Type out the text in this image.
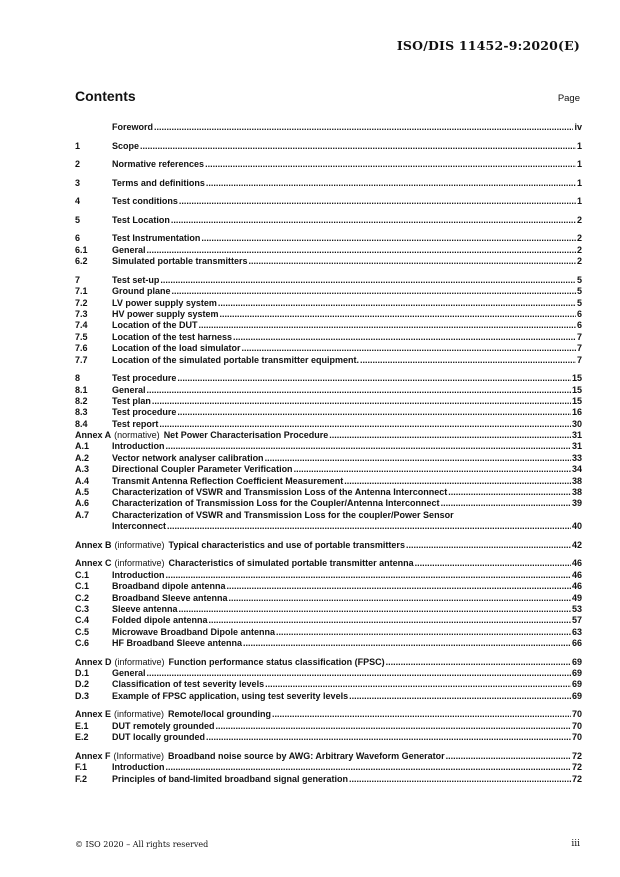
ISO/DIS 11452-9:2020(E)
Contents	Page
Foreword .....	iv
1	Scope .....	1
2	Normative references .....	1
3	Terms and definitions .....	1
4	Test conditions .....	1
5	Test Location .....	2
6	Test Instrumentation .....	2
6.1	General .....	2
6.2	Simulated portable transmitters .....	2
7	Test set-up .....	5
7.1	Ground plane .....	5
7.2	LV power supply system .....	5
7.3	HV power supply system .....	6
7.4	Location of the DUT .....	6
7.5	Location of the test harness .....	7
7.6	Location of the load simulator .....	7
7.7	Location of the simulated portable transmitter equipment. .....	7
8	Test procedure .....	15
8.1	General .....	15
8.2	Test plan .....	15
8.3	Test procedure .....	16
8.4	Test report .....	30
Annex A (normative) Net Power Characterisation Procedure .....	31
A.1	Introduction .....	31
A.2	Vector network analyser calibration .....	33
A.3	Directional Coupler Parameter Verification .....	34
A.4	Transmit Antenna Reflection Coefficient Measurement .....	38
A.5	Characterization of VSWR and Transmission Loss of the Antenna Interconnect .....	38
A.6	Characterization of Transmission Loss for the Coupler/Antenna Interconnect .....	39
A.7	Characterization of VSWR and Transmission Loss for the coupler/Power Sensor
Interconnect .....	40
Annex B (informative) Typical characteristics and use of portable transmitters .....	42
Annex C (informative) Characteristics of simulated portable transmitter antenna .....	46
C.1	Introduction .....	46
C.1	Broadband dipole antenna .....	46
C.2	Broadband Sleeve antenna .....	49
C.3	Sleeve antenna .....	53
C.4	Folded dipole antenna .....	57
C.5	Microwave Broadband Dipole antenna .....	63
C.6	HF Broadband Sleeve antenna .....	66
Annex D (informative) Function performance status classification (FPSC) .....	69
D.1	General .....	69
D.2	Classification of test severity levels .....	69
D.3	Example of FPSC application, using test severity levels .....	69
Annex E (informative) Remote/local grounding .....	70
E.1	DUT remotely grounded .....	70
E.2	DUT locally grounded .....	70
Annex F (Informative) Broadband noise source by AWG: Arbitrary Waveform Generator .....	72
F.1	Introduction .....	72
F.2	Principles of band-limited broadband signal generation .....	72
© ISO 2020 – All rights reserved	iii
